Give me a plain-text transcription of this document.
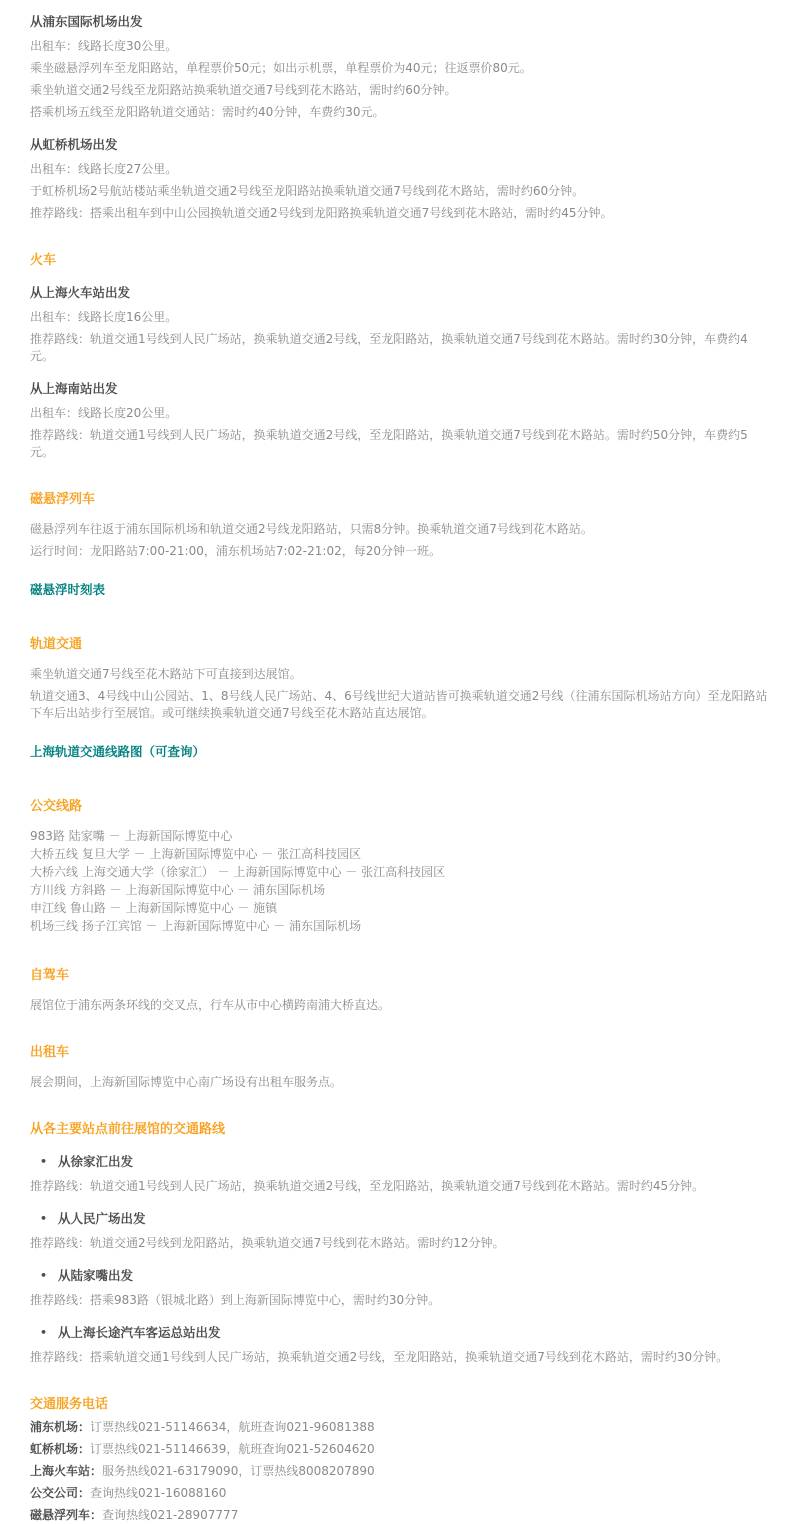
从浦东国际机场出发

出租车：线路长度30公里。

乘坐磁悬浮列车至龙阳路站，单程票价50元；如出示机票，单程票价为40元；往返票价80元。

乘坐轨道交通2号线至龙阳路站换乘轨道交通7号线到花木路站，需时约60分钟。

搭乘机场五线至龙阳路轨道交通站：需时约40分钟，车费约30元。

从虹桥机场出发

出租车：线路长度27公里。

于虹桥机场2号航站楼站乘坐轨道交通2号线至龙阳路站换乘轨道交通7号线到花木路站，需时约60分钟。

推荐路线：搭乘出租车到中山公园换轨道交通2号线到龙阳路换乘轨道交通7号线到花木路站，需时约45分钟。

火车
从上海火车站出发

出租车：线路长度16公里。

推荐路线：轨道交通1号线到人民广场站，换乘轨道交通2号线，至龙阳路站，换乘轨道交通7号线到花木路站。需时约30分钟，车费约4元。

从上海南站出发

出租车：线路长度20公里。

推荐路线：轨道交通1号线到人民广场站，换乘轨道交通2号线，至龙阳路站，换乘轨道交通7号线到花木路站。需时约50分钟，车费约5元。

磁悬浮列车

磁悬浮列车往返于浦东国际机场和轨道交通2号线龙阳路站，只需8分钟。换乘轨道交通7号线到花木路站。

运行时间：龙阳路站7:00-21:00，浦东机场站7:02-21:02，每20分钟一班。

磁悬浮时刻表

轨道交通

乘坐轨道交通7号线至花木路站下可直接到达展馆。

轨道交通3、4号线中山公园站、1、8号线人民广场站、4、6号线世纪大道站皆可换乘轨道交通2号线（往浦东国际机场站方向）至龙阳路站下车后出站步行至展馆。或可继续换乘轨道交通7号线至花木路站直达展馆。

上海轨道交通线路图（可查询）

公交线路

983路 陆家嘴 － 上海新国际博览中心

大桥五线 复旦大学 － 上海新国际博览中心 － 张江高科技园区

大桥六线 上海交通大学（徐家汇） － 上海新国际博览中心 － 张江高科技园区

方川线 方斜路 － 上海新国际博览中心 － 浦东国际机场

申江线 鲁山路 － 上海新国际博览中心 － 施镇

机场三线 扬子江宾馆 － 上海新国际博览中心 － 浦东国际机场

自驾车

展馆位于浦东两条环线的交叉点，行车从市中心横跨南浦大桥直达。

出租车

展会期间，上海新国际博览中心南广场设有出租车服务点。

从各主要站点前往展馆的交通路线
• 从徐家汇出发

推荐路线：轨道交通1号线到人民广场站，换乘轨道交通2号线，至龙阳路站，换乘轨道交通7号线到花木路站。需时约45分钟。

• 从人民广场出发

推荐路线：轨道交通2号线到龙阳路站，换乘轨道交通7号线到花木路站。需时约12分钟。

• 从陆家嘴出发

推荐路线：搭乘983路（银城北路）到上海新国际博览中心，需时约30分钟。

• 从上海长途汽车客运总站出发

推荐路线：搭乘轨道交通1号线到人民广场站，换乘轨道交通2号线，至龙阳路站，换乘轨道交通7号线到花木路站，需时约30分钟。

交通服务电话

浦东机场：订票热线021-51146634，航班查询021-96081388

虹桥机场：订票热线021-51146639，航班查询021-52604620

上海火车站：服务热线021-63179090，订票热线8008207890

公交公司：查询热线021-16088160

磁悬浮列车：查询热线021-28907777
